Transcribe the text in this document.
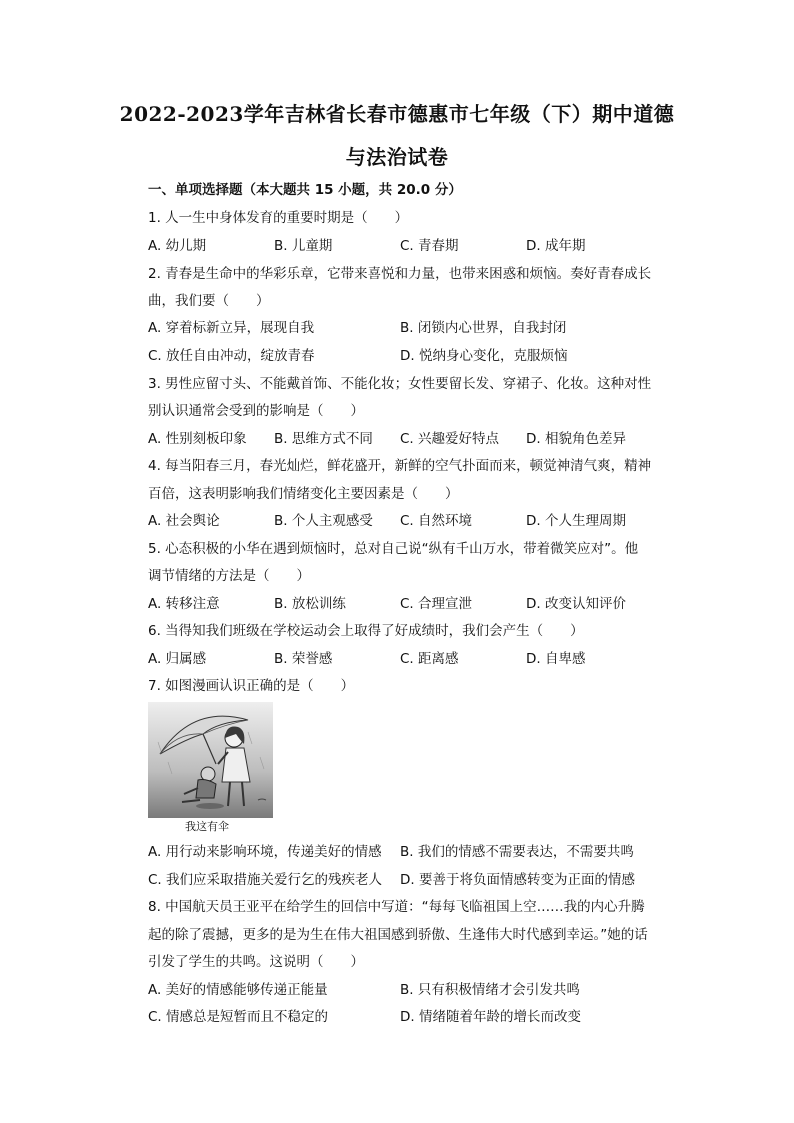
2022-2023学年吉林省长春市德惠市七年级（下）期中道德
与法治试卷
一、单项选择题（本大题共 15 小题，共 20.0 分）
1. 人一生中身体发育的重要时期是（　　）
A. 幼儿期	B. 儿童期	C. 青春期	D. 成年期
2. 青春是生命中的华彩乐章，它带来喜悦和力量，也带来困惑和烦恼。奏好青春成长
曲，我们要（　　）
A. 穿着标新立异，展现自我	B. 闭锁内心世界，自我封闭
C. 放任自由冲动，绽放青春	D. 悦纳身心变化，克服烦恼
3. 男性应留寸头、不能戴首饰、不能化妆；女性要留长发、穿裙子、化妆。这种对性
别认识通常会受到的影响是（　　）
A. 性别刻板印象 B. 思维方式不同 C. 兴趣爱好特点 D. 相貌角色差异
4. 每当阳春三月，春光灿烂，鲜花盛开，新鲜的空气扑面而来，顿觉神清气爽，精神
百倍，这表明影响我们情绪变化主要因素是（　　）
A. 社会舆论	B. 个人主观感受 C. 自然环境	D. 个人生理周期
5. 心态积极的小华在遇到烦恼时，总对自己说“纵有千山万水，带着微笑应对”。他
调节情绪的方法是（　　）
A. 转移注意	B. 放松训练	C. 合理宣泄	D. 改变认知评价
6. 当得知我们班级在学校运动会上取得了好成绩时，我们会产生（　　）
A. 归属感	B. 荣誉感	C. 距离感	D. 自卑感
7. 如图漫画认识正确的是（　　）
我这有伞
A. 用行动来影响环境，传递美好的情感 B. 我们的情感不需要表达，不需要共鸣
C. 我们应采取措施关爱行乞的残疾老人 D. 要善于将负面情感转变为正面的情感
8. 中国航天员王亚平在给学生的回信中写道：“每每飞临祖国上空……我的内心升腾
起的除了震撼，更多的是为生在伟大祖国感到骄傲、生逢伟大时代感到幸运。”她的话
引发了学生的共鸣。这说明（　　）
A. 美好的情感能够传递正能量	B. 只有积极情绪才会引发共鸣
C. 情感总是短暂而且不稳定的	D. 情绪随着年龄的增长而改变
